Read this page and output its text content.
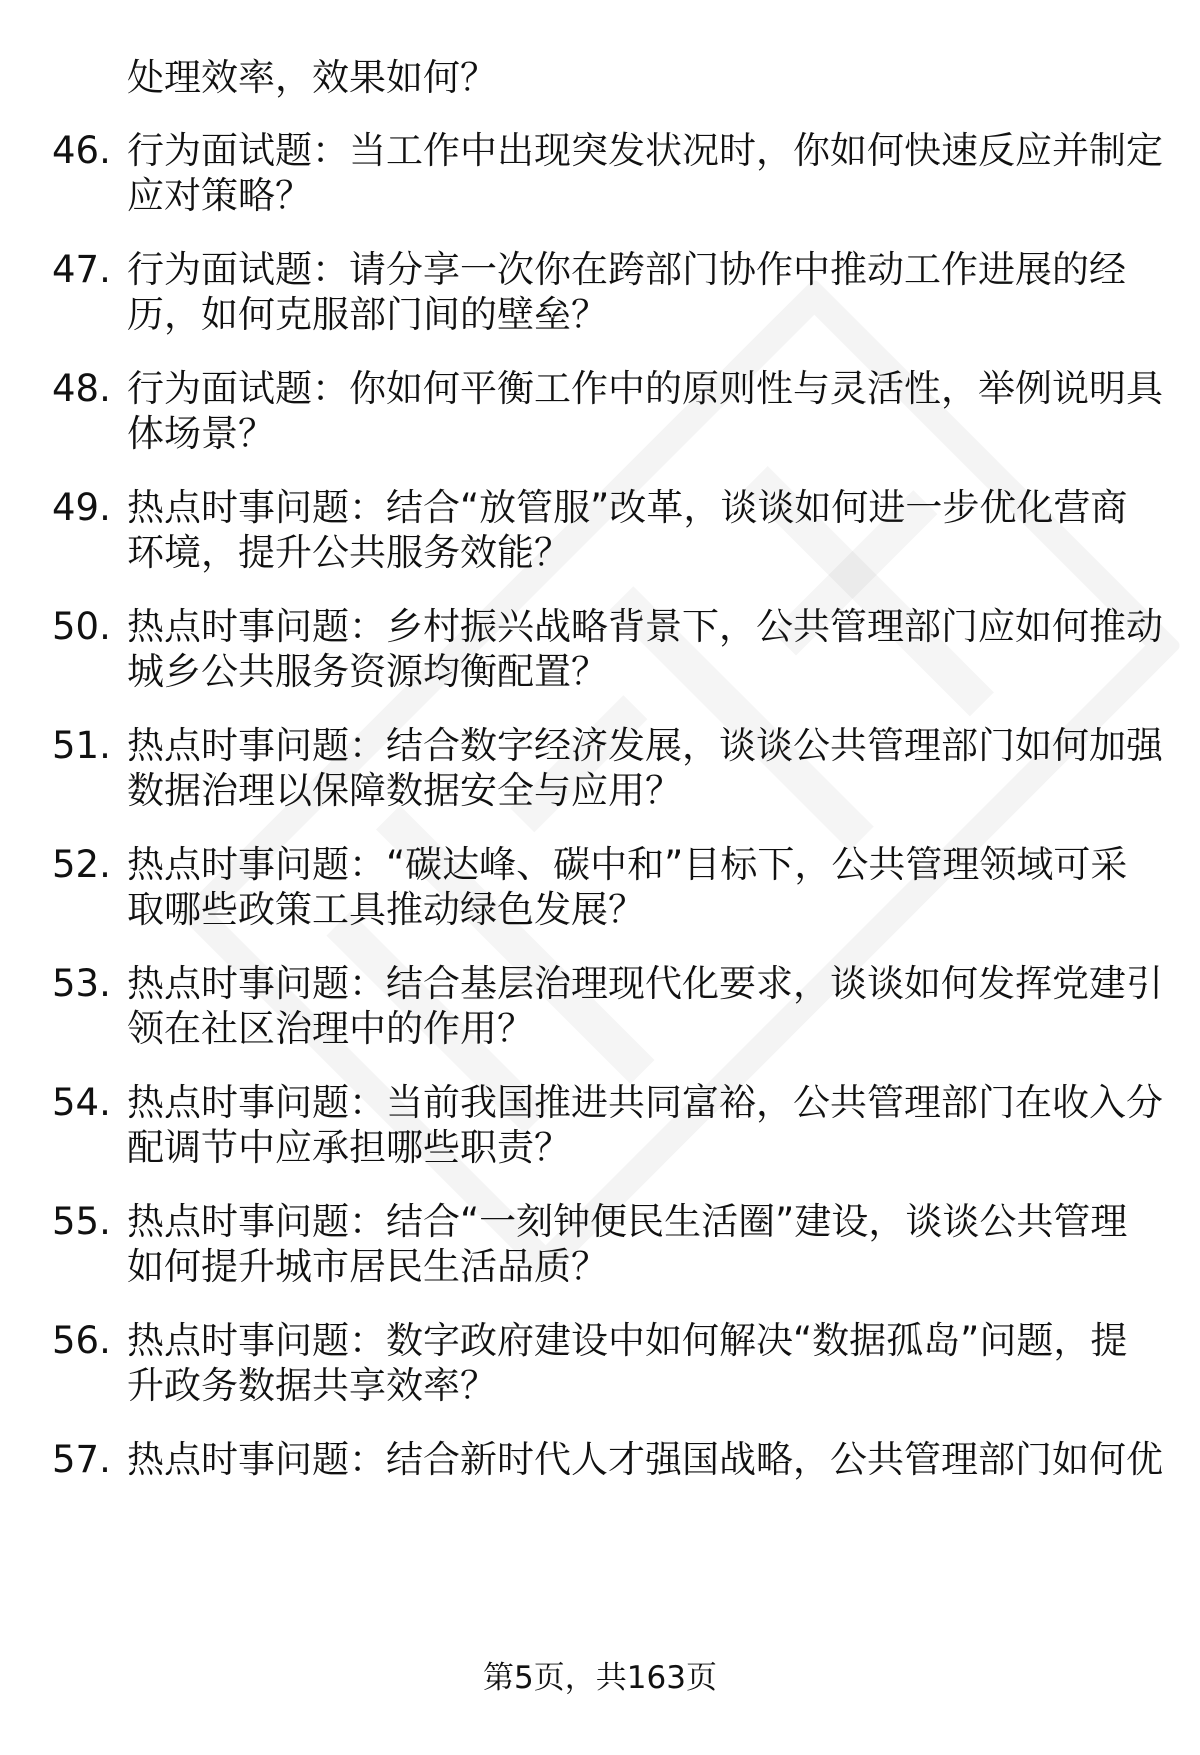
处理效率，效果如何？
46. 行为面试题：当工作中出现突发状况时，你如何快速反应并制定
应对策略？
47. 行为面试题：请分享一次你在跨部门协作中推动工作进展的经
历，如何克服部门间的壁垒？
48. 行为面试题：你如何平衡工作中的原则性与灵活性，举例说明具
体场景？
49. 热点时事问题：结合“放管服”改革，谈谈如何进一步优化营商
环境，提升公共服务效能？
50. 热点时事问题：乡村振兴战略背景下，公共管理部门应如何推动
城乡公共服务资源均衡配置？
51. 热点时事问题：结合数字经济发展，谈谈公共管理部门如何加强
数据治理以保障数据安全与应用？
52. 热点时事问题：“碳达峰、碳中和”目标下，公共管理领域可采
取哪些政策工具推动绿色发展？
53. 热点时事问题：结合基层治理现代化要求，谈谈如何发挥党建引
领在社区治理中的作用？
54. 热点时事问题：当前我国推进共同富裕，公共管理部门在收入分
配调节中应承担哪些职责？
55. 热点时事问题：结合“一刻钟便民生活圈”建设，谈谈公共管理
如何提升城市居民生活品质？
56. 热点时事问题：数字政府建设中如何解决“数据孤岛”问题，提
升政务数据共享效率？
57. 热点时事问题：结合新时代人才强国战略，公共管理部门如何优
第5页，共163页
